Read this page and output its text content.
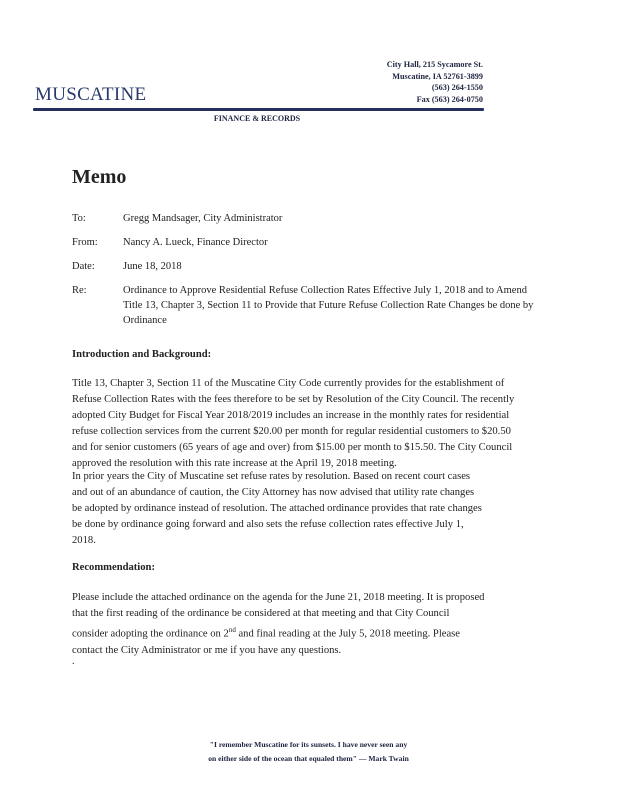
MUSCATINE
City Hall, 215 Sycamore St.
Muscatine, IA 52761-3899
(563) 264-1550
Fax (563) 264-0750
FINANCE & RECORDS
Memo
To:	Gregg Mandsager, City Administrator
From:	Nancy A. Lueck, Finance Director
Date:	June 18, 2018
Re:	Ordinance to Approve Residential Refuse Collection Rates Effective July 1, 2018 and to Amend
Title 13, Chapter 3, Section 11 to Provide that Future Refuse Collection Rate Changes be done by
Ordinance
Introduction and Background:
Title 13, Chapter 3, Section 11 of the Muscatine City Code currently provides for the establishment of
Refuse Collection Rates with the fees therefore to be set by Resolution of the City Council. The recently
adopted City Budget for Fiscal Year 2018/2019 includes an increase in the monthly rates for residential
refuse collection services from the current $20.00 per month for regular residential customers to $20.50
and for senior customers (65 years of age and over) from $15.00 per month to $15.50. The City Council
approved the resolution with this rate increase at the April 19, 2018 meeting.
In prior years the City of Muscatine set refuse rates by resolution. Based on recent court cases
and out of an abundance of caution, the City Attorney has now advised that utility rate changes
be adopted by ordinance instead of resolution. The attached ordinance provides that rate changes
be done by ordinance going forward and also sets the refuse collection rates effective July 1,
2018.
Recommendation:
Please include the attached ordinance on the agenda for the June 21, 2018 meeting. It is proposed
that the first reading of the ordinance be considered at that meeting and that City Council
consider adopting the ordinance on 2nd and final reading at the July 5, 2018 meeting. Please
contact the City Administrator or me if you have any questions.
.
"I remember Muscatine for its sunsets. I have never seen any
on either side of the ocean that equaled them" — Mark Twain
